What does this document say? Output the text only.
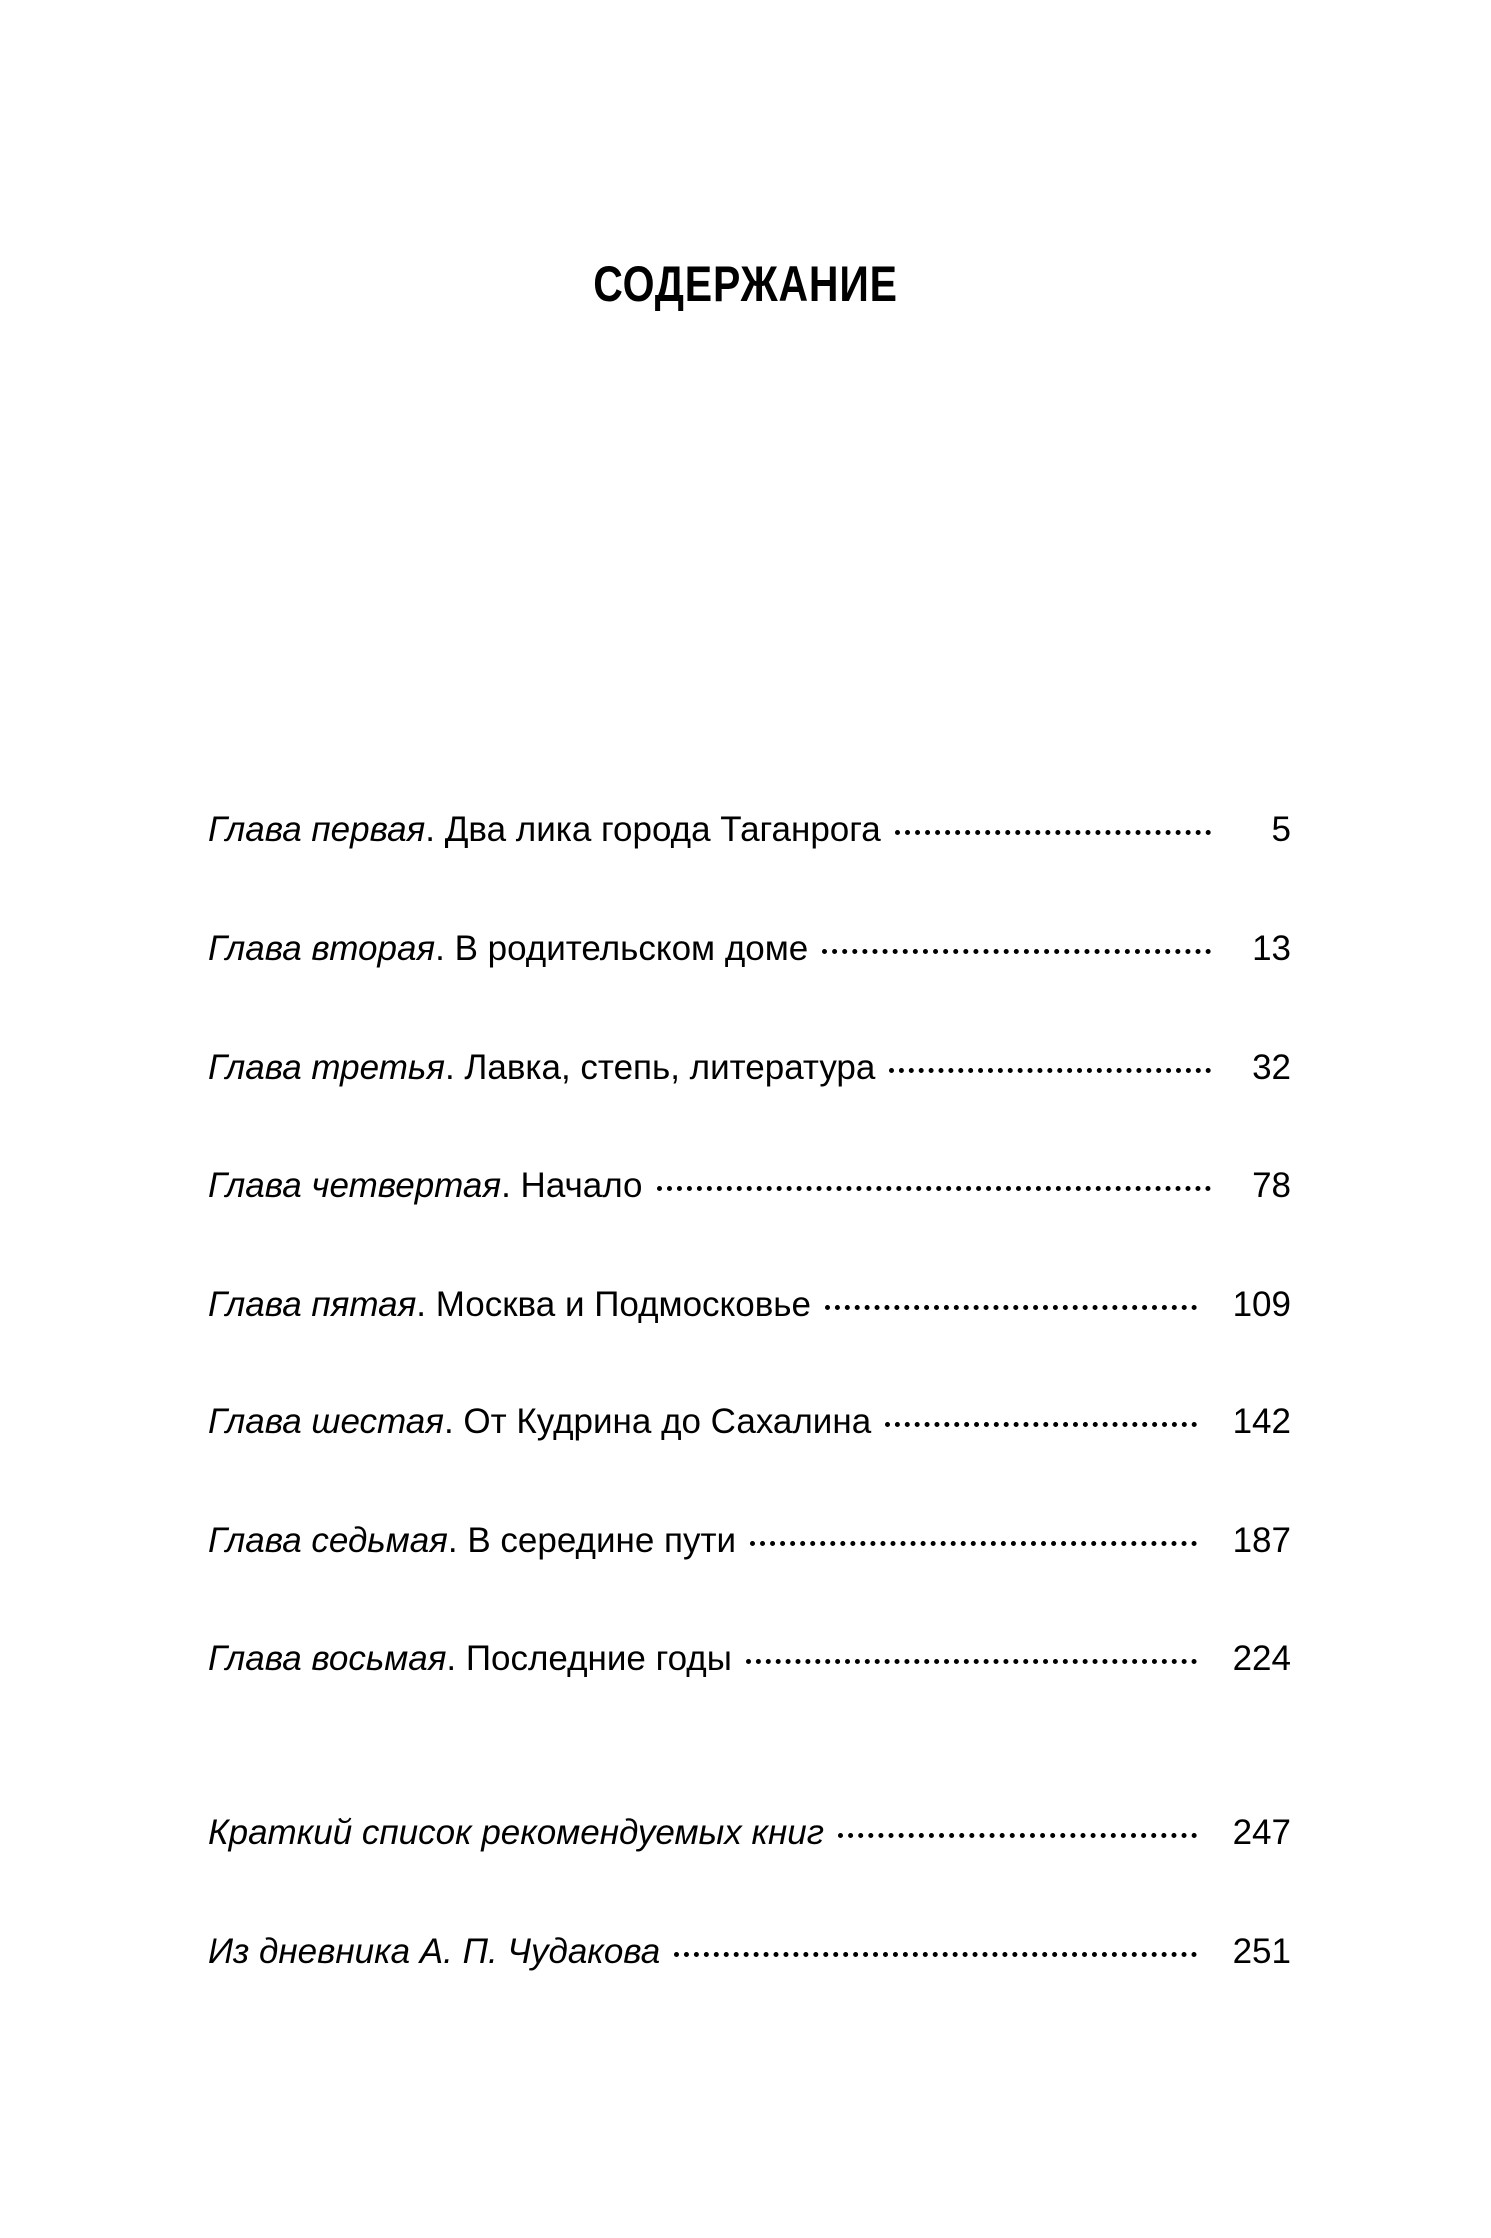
СОДЕРЖАНИЕ
Глава первая. Два лика города Таганрога	5
Глава вторая. В родительском доме	13
Глава третья. Лавка, степь, литература	32
Глава четвертая. Начало	78
Глава пятая. Москва и Подмосковье	109
Глава шестая. От Кудрина до Сахалина	142
Глава седьмая. В середине пути	187
Глава восьмая. Последние годы	224
Краткий список рекомендуемых книг	247
Из дневника А. П. Чудакова	251
